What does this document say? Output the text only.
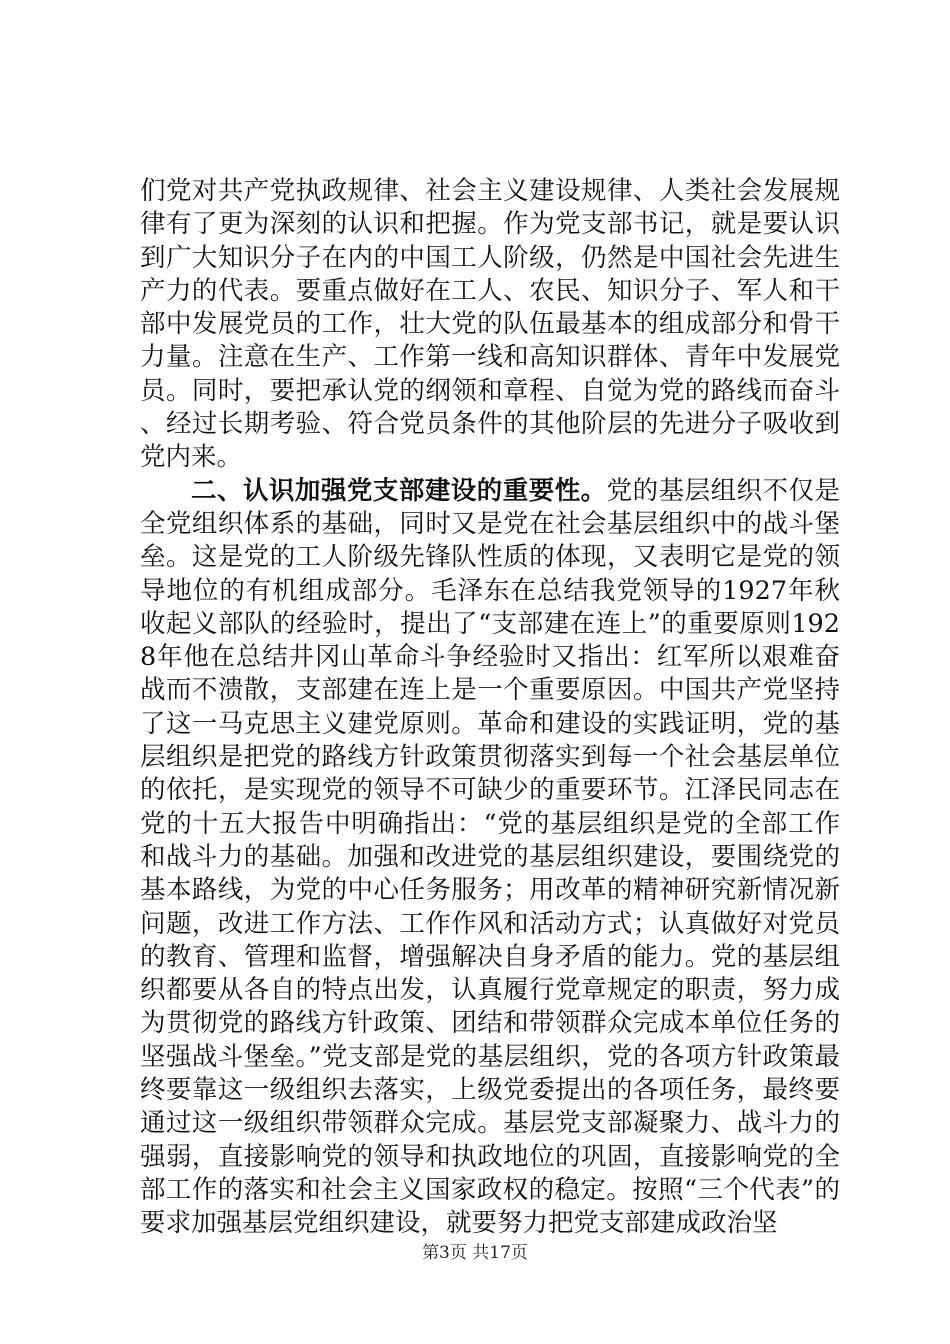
们党对共产党执政规律、社会主义建设规律、人类社会发展规律有了更为深刻的认识和把握。作为党支部书记，就是要认识到广大知识分子在内的中国工人阶级，仍然是中国社会先进生产力的代表。要重点做好在工人、农民、知识分子、军人和干部中发展党员的工作，壮大党的队伍最基本的组成部分和骨干力量。注意在生产、工作第一线和高知识群体、青年中发展党员。同时，要把承认党的纲领和章程、自觉为党的路线而奋斗、经过长期考验、符合党员条件的其他阶层的先进分子吸收到党内来。

二、认识加强党支部建设的重要性。党的基层组织不仅是全党组织体系的基础，同时又是党在社会基层组织中的战斗堡垒。这是党的工人阶级先锋队性质的体现，又表明它是党的领导地位的有机组成部分。毛泽东在总结我党领导的1927年秋收起义部队的经验时，提出了“支部建在连上”的重要原则1928年他在总结井冈山革命斗争经验时又指出：红军所以艰难奋战而不溃散，支部建在连上是一个重要原因。中国共产党坚持了这一马克思主义建党原则。革命和建设的实践证明，党的基层组织是把党的路线方针政策贯彻落实到每一个社会基层单位的依托，是实现党的领导不可缺少的重要环节。江泽民同志在党的十五大报告中明确指出：“党的基层组织是党的全部工作和战斗力的基础。加强和改进党的基层组织建设，要围绕党的基本路线，为党的中心任务服务；用改革的精神研究新情况新问题，改进工作方法、工作作风和活动方式；认真做好对党员的教育、管理和监督，增强解决自身矛盾的能力。党的基层组织都要从各自的特点出发，认真履行党章规定的职责，努力成为贯彻党的路线方针政策、团结和带领群众完成本单位任务的坚强战斗堡垒。”党支部是党的基层组织，党的各项方针政策最终要靠这一级组织去落实，上级党委提出的各项任务，最终要通过这一级组织带领群众完成。基层党支部凝聚力、战斗力的强弱，直接影响党的领导和执政地位的巩固，直接影响党的全部工作的落实和社会主义国家政权的稳定。按照“三个代表”的要求加强基层党组织建设，就要努力把党支部建成政治坚

第3页 共17页
